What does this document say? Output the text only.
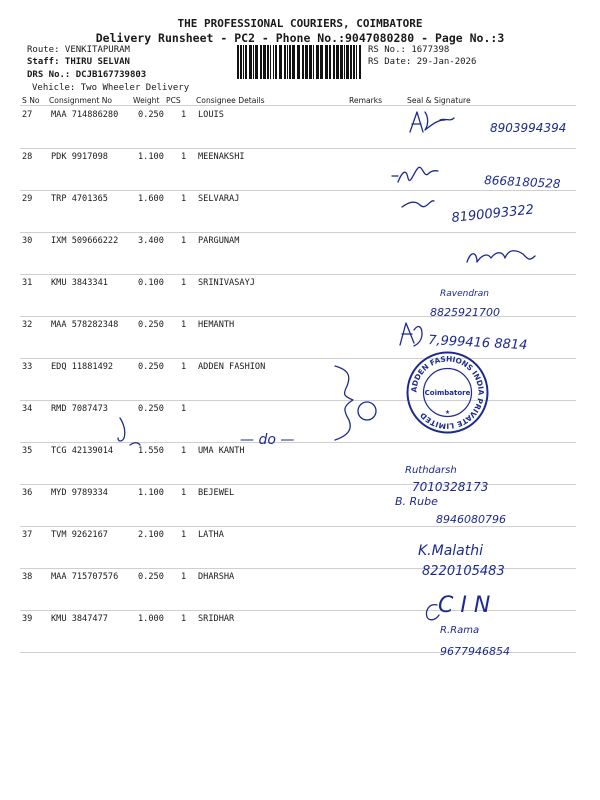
THE PROFESSIONAL COURIERS, COIMBATORE
Delivery Runsheet - PC2 - Phone No.:9047080280 - Page No.:3
Route: VENKITAPURAM
Staff: THIRU SELVAN
DRS No.: DCJB167739803
Vehicle: Two Wheeler Delivery
RS No.: 1677398
RS Date: 29-Jan-2026
S No Consignment No	Weight PCS Consignee Details	Remarks	Seal & Signature
27 MAA 714886280 0.250 1 LOUIS
28 PDK 9917098	1.100 1 MEENAKSHI
29 TRP 4701365	1.600 1 SELVARAJ
30 IXM 509666222 3.400 1 PARGUNAM
31 KMU 3843341	0.100 1 SRINIVASAYJ
32 MAA 578282348 0.250 1 HEMANTH
33 EDQ 11881492	0.250 1 ADDEN FASHION
34 RMD 7087473	0.250 1
35 TCG 42139014	1.550 1 UMA KANTH
36 MYD 9789334	1.100 1 BEJEWEL
37 TVM 9262167	2.100 1 LATHA
38 MAA 715707576 0.250 1 DHARSHA
39 KMU 3847477	1.000 1 SRIDHAR
8903994394
8668180528
8190093322
Ravendran
8825921700
7,999416 8814
— do —
Ruthdarsh
7010328173
B. Rube
8946080796
K.Malathi
8220105483
C I N
R.Rama
9677946854
ADDEN FASHIONS INDIA PRIVATE LIMITED
Coimbatore
★
